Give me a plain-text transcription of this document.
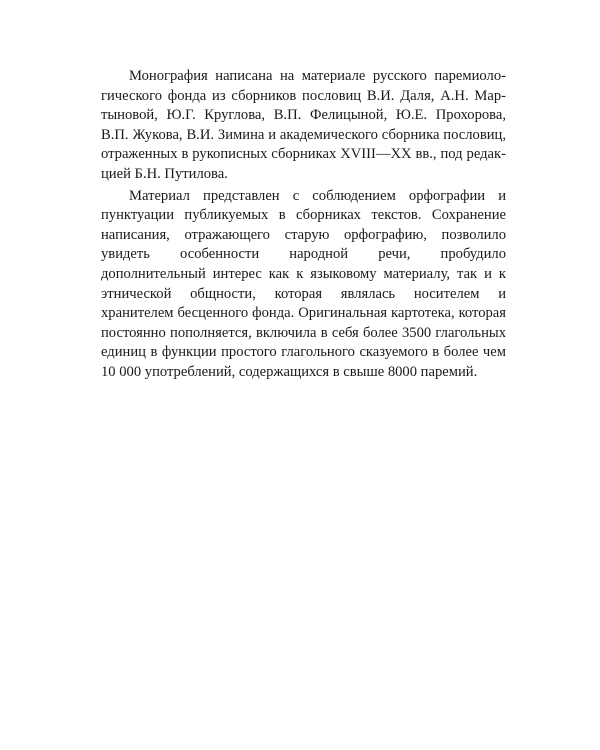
Монография написана на материале русского паремиологического фонда из сборников пословиц В.И. Даля, А.Н. Мартыновой, Ю.Г. Круглова, В.П. Фелицыной, Ю.Е. Прохорова, В.П. Жукова, В.И. Зимина и академического сборника пословиц, отраженных в рукописных сборниках XVIII—XX вв., под редакцией Б.Н. Путилова.

Материал представлен с соблюдением орфографии и пунктуации публикуемых в сборниках текстов. Сохранение написания, отражающего старую орфографию, позволило увидеть особенности народной речи, пробудило дополнительный интерес как к языковому материалу, так и к этнической общности, которая являлась носителем и хранителем бесценного фонда. Оригинальная картотека, которая постоянно пополняется, включила в себя более 3500 глагольных единиц в функции простого глагольного сказуемого в более чем 10 000 употреблений, содержащихся в свыше 8000 паремий.
